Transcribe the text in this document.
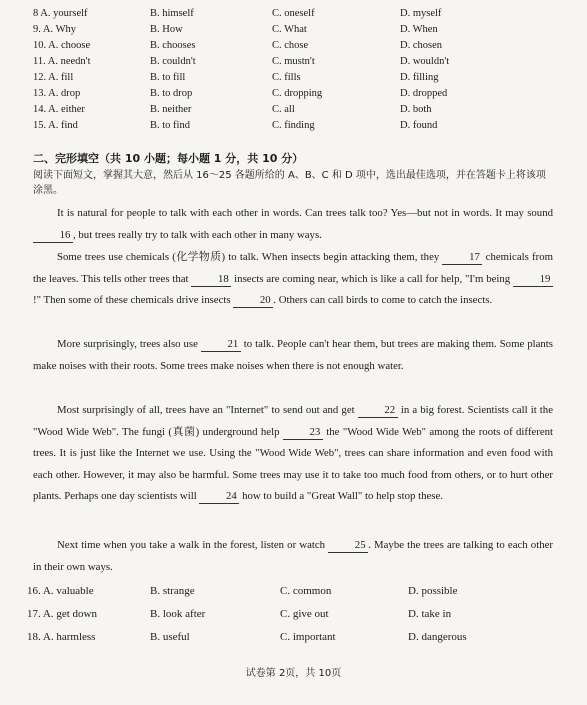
8 A. yourself	B. himself	C. oneself	D. myself
9. A. Why	B. How	C. What	D. When
10. A. choose	B. chooses	C. chose	D. chosen
11. A. needn't	B. couldn't	C. mustn't	D. wouldn't
12. A. fill	B. to fill	C. fills	D. filling
13. A. drop	B. to drop	C. dropping	D. dropped
14. A. either	B. neither	C. all	D. both
15. A. find	B. to find	C. finding	D. found
二、完形填空（共 10 小题；每小题 1 分，共 10 分）
阅读下面短文，掌握其大意，然后从 16～25 各题所给的 A、B、C 和 D 项中，选出最佳选项，并在答题卡上将该项涂黑。
It is natural for people to talk with each other in words. Can trees talk too? Yes—but not in words. It may sound 16 , but trees really try to talk with each other in many ways.
Some trees use chemicals (化学物质) to talk. When insects begin attacking them, they 17 chemicals from the leaves. This tells other trees that 18 insects are coming near, which is like a call for help, "I'm being 19!" Then some of these chemicals drive insects 20 . Others can call birds to come to catch the insects.
More surprisingly, trees also use 21 to talk. People can't hear them, but trees are making them. Some plants make noises with their roots. Some trees make noises when there is not enough water.
Most surprisingly of all, trees have an "Internet" to send out and get 22 in a big forest. Scientists call it the "Wood Wide Web". The fungi (真菌) underground help 23 the "Wood Wide Web" among the roots of different trees. It is just like the Internet we use. Using the "Wood Wide Web", trees can share information and even food with each other. However, it may also be harmful. Some trees may use it to take too much food from others, or to hurt other plants. Perhaps one day scientists will 24 how to build a "Great Wall" to help stop these.
Next time when you take a walk in the forest, listen or watch 25 . Maybe the trees are talking to each other in their own ways.
16. A. valuable	B. strange	C. common	D. possible
17. A. get down	B. look after	C. give out	D. take in
18. A. harmless	B. useful	C. important	D. dangerous
试卷第 2页，共 10页
